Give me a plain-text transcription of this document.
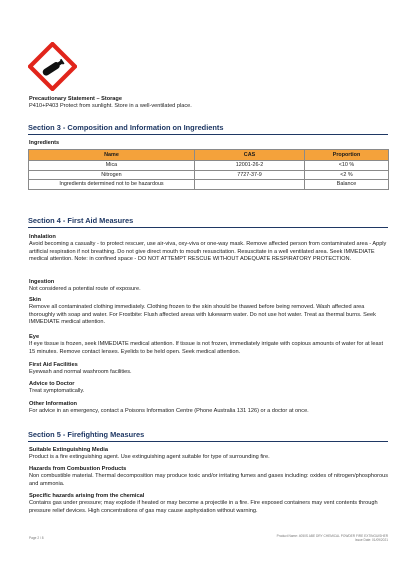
Precautionary Statement – Storage
P410+P403 Protect from sunlight. Store in a well-ventilated place.
Section 3 - Composition and Information on Ingredients
Ingredients
Name	CAS	Proportion
Mica	12001-26-2	<10 %
Nitrogen	7727-37-9	<2 %
Ingredients determined not to be hazardous		Balance
Section 4 - First Aid Measures
Inhalation
Avoid becoming a casualty - to protect rescuer, use air-viva, oxy-viva or one-way mask. Remove affected person from contaminated area - Apply artificial respiration if not breathing. Do not give direct mouth to mouth resuscitation. Resuscitate in a well ventilated area. Seek IMMEDIATE medical attention. Note: in confined space - DO NOT ATTEMPT RESCUE WITHOUT ADEQUATE RESPIRATORY PROTECTION.
Ingestion
Not considered a potential route of exposure.
Skin
Remove all contaminated clothing immediately. Clothing frozen to the skin should be thawed before being removed. Wash affected area thoroughly with soap and water. For Frostbite: Flush affected areas with lukewarm water. Do not use hot water. Treat as thermal burns. Seek IMMEDIATE medical attention.
Eye
If eye tissue is frozen, seek IMMEDIATE medical attention. If tissue is not frozen, immediately irrigate with copious amounts of water for at least 15 minutes. Remove contact lenses. Eyelids to be held open. Seek medical attention.
First Aid Facilities
Eyewash and normal washroom facilities.
Advice to Doctor
Treat symptomatically.
Other Information
For advice in an emergency, contact a Poisons Information Centre (Phone Australia 131 126) or a doctor at once.
Section 5 - Firefighting Measures
Suitable Extinguishing Media
Product is a fire extinguishing agent. Use extinguishing agent suitable for type of surrounding fire.
Hazards from Combustion Products
Non combustible material. Thermal decomposition may produce toxic and/or irritating fumes and gases including: oxides of nitrogen/phosphorous and ammonia.
Specific hazards arising from the chemical
Contains gas under pressure; may explode if heated or may become a projectile in a fire. Fire exposed containers may vent contents through pressure relief devices. High concentrations of gas may cause asphyxiation without warning.
Page 2 / 8	Product Name: 4050S ABE DRY CHEMICAL POWDER FIRE EXTINGUISHER
Issue Date: 01/09/2021
